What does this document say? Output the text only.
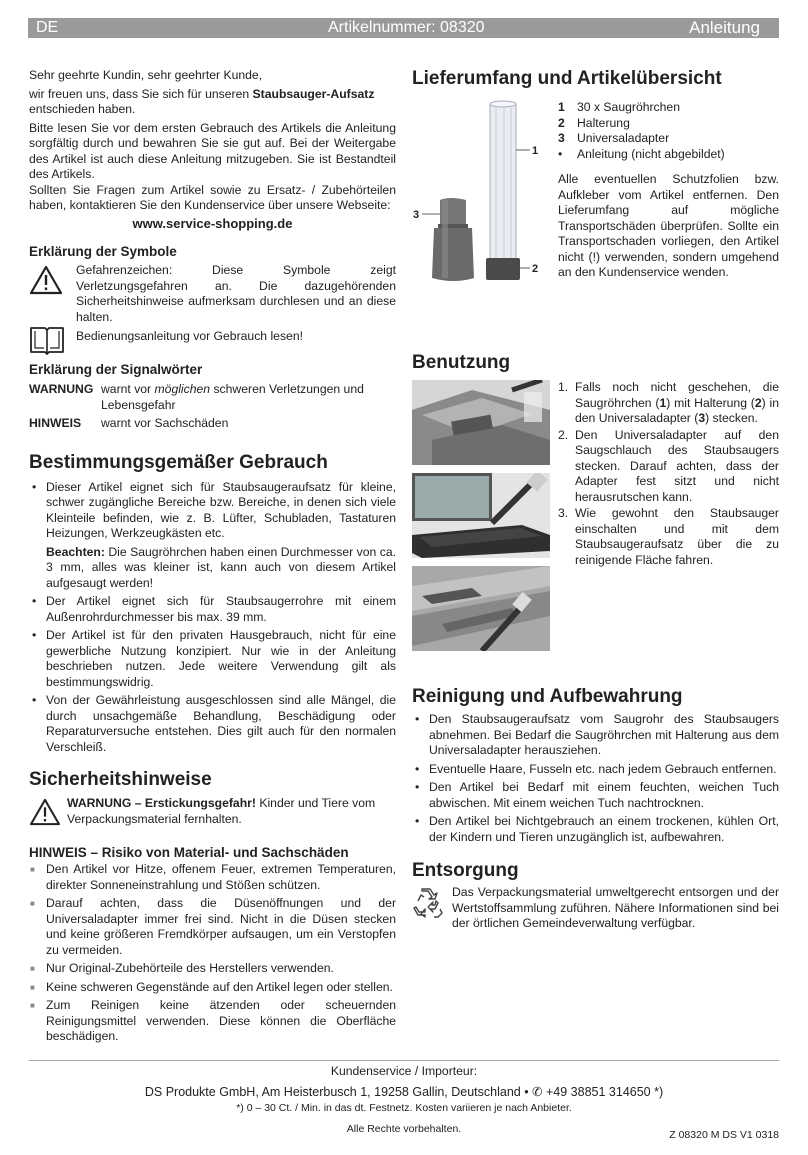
DE	Artikelnummer: 08320	Anleitung

Sehr geehrte Kundin, sehr geehrter Kunde,

wir freuen uns, dass Sie sich für unseren Staubsauger-Aufsatz entschieden haben.

Bitte lesen Sie vor dem ersten Gebrauch des Artikels die Anleitung sorgfältig durch und bewahren Sie sie gut auf. Bei der Weitergabe des Artikel ist auch diese Anleitung mitzugeben. Sie ist Bestandteil des Artikels.

Sollten Sie Fragen zum Artikel sowie zu Ersatz- / Zubehörteilen haben, kontaktieren Sie den Kundenservice über unsere Webseite:

www.service-shopping.de

Erklärung der Symbole
Gefahrenzeichen: Diese Symbole zeigt Verletzungsgefahren an. Die dazugehörenden Sicherheitshinweise aufmerksam durchlesen und an diese halten.
Bedienungsanleitung vor Gebrauch lesen!
Erklärung der Signalwörter
WARNUNG warnt vor möglichen schweren Verletzungen und Lebensgefahr
HINWEIS	warnt vor Sachschäden
Bestimmungsgemäßer Gebrauch
• Dieser Artikel eignet sich für Staubsaugeraufsatz für kleine, schwer zugängliche Bereiche bzw. Bereiche, in denen sich viele Kleinteile befinden, wie z. B. Lüfter, Schubladen, Tastaturen Heizungen, Werkzeugkästen etc.

Beachten: Die Saugröhrchen haben einen Durchmesser von ca. 3 mm, alles was kleiner ist, kann auch von diesem Artikel aufgesaugt werden!

• Der Artikel eignet sich für Staubsaugerrohre mit einem Außenrohrdurchmesser bis max. 39 mm.
• Der Artikel ist für den privaten Hausgebrauch, nicht für eine gewerbliche Nutzung konzipiert. Nur wie in der Anleitung beschrieben nutzen. Jede weitere Verwendung gilt als bestimmungswidrig.
• Von der Gewährleistung ausgeschlossen sind alle Mängel, die durch unsachgemäße Behandlung, Beschädigung oder Reparaturversuche entstehen. Dies gilt auch für den normalen Verschleiß.
Sicherheitshinweise
WARNUNG – Erstickungsgefahr! Kinder und Tiere vom Verpackungsmaterial fernhalten.
HINWEIS – Risiko von Material- und Sachschäden
■ Den Artikel vor Hitze, offenem Feuer, extremen Temperaturen, direkter Sonneneinstrahlung und Stößen schützen.
■ Darauf achten, dass die Düsenöffnungen und der Universaladapter immer frei sind. Nicht in die Düsen stecken und keine größeren Fremdkörper aufsaugen, um ein Verstopfen zu vermeiden.
■ Nur Original-Zubehörteile des Herstellers verwenden.
■ Keine schweren Gegenstände auf den Artikel legen oder stellen.
■ Zum Reinigen keine ätzenden oder scheuernden Reinigungsmittel verwenden. Diese können die Oberfläche beschädigen.
Lieferumfang und Artikelübersicht
1
2
3
1 30 x Saugröhrchen
2 Halterung
3 Universaladapter
• Anleitung (nicht abgebildet)

Alle eventuellen Schutzfolien bzw. Aufkleber vom Artikel entfernen. Den Lieferumfang auf mögliche Transportschäden überprüfen. Sollte ein Transportschaden vorliegen, den Artikel nicht (!) verwenden, sondern umgehend an den Kundenservice wenden.

Benutzung
1. Falls noch nicht geschehen, die Saugröhrchen (1) mit Halterung (2) in den Universaladapter (3) stecken.
2. Den Universaladapter auf den Saugschlauch des Staubsaugers stecken. Darauf achten, dass der Adapter fest sitzt und nicht herausrutschen kann.
3. Wie gewohnt den Staubsauger einschalten und mit dem Staubsaugeraufsatz über die zu reinigende Fläche fahren.
Reinigung und Aufbewahrung
• Den Staubsaugeraufsatz vom Saugrohr des Staubsaugers abnehmen. Bei Bedarf die Saugröhrchen mit Halterung aus dem Universaladapter herausziehen.
• Eventuelle Haare, Fusseln etc. nach jedem Gebrauch entfernen.
• Den Artikel bei Bedarf mit einem feuchten, weichen Tuch abwischen. Mit einem weichen Tuch nachtrocknen.
• Den Artikel bei Nichtgebrauch an einem trockenen, kühlen Ort, der Kindern und Tieren unzugänglich ist, aufbewahren.
Entsorgung
Das Verpackungsmaterial umweltgerecht entsorgen und der Wertstoffsammlung zuführen. Nähere Informationen sind bei der örtlichen Gemeindeverwaltung verfügbar.

Kundenservice / Importeur:

DS Produkte GmbH, Am Heisterbusch 1, 19258 Gallin, Deutschland • ✆ +49 38851 314650 *)

*) 0 – 30 Ct. / Min. in das dt. Festnetz. Kosten variieren je nach Anbieter.

Alle Rechte vorbehalten.

Z 08320 M DS V1 0318
